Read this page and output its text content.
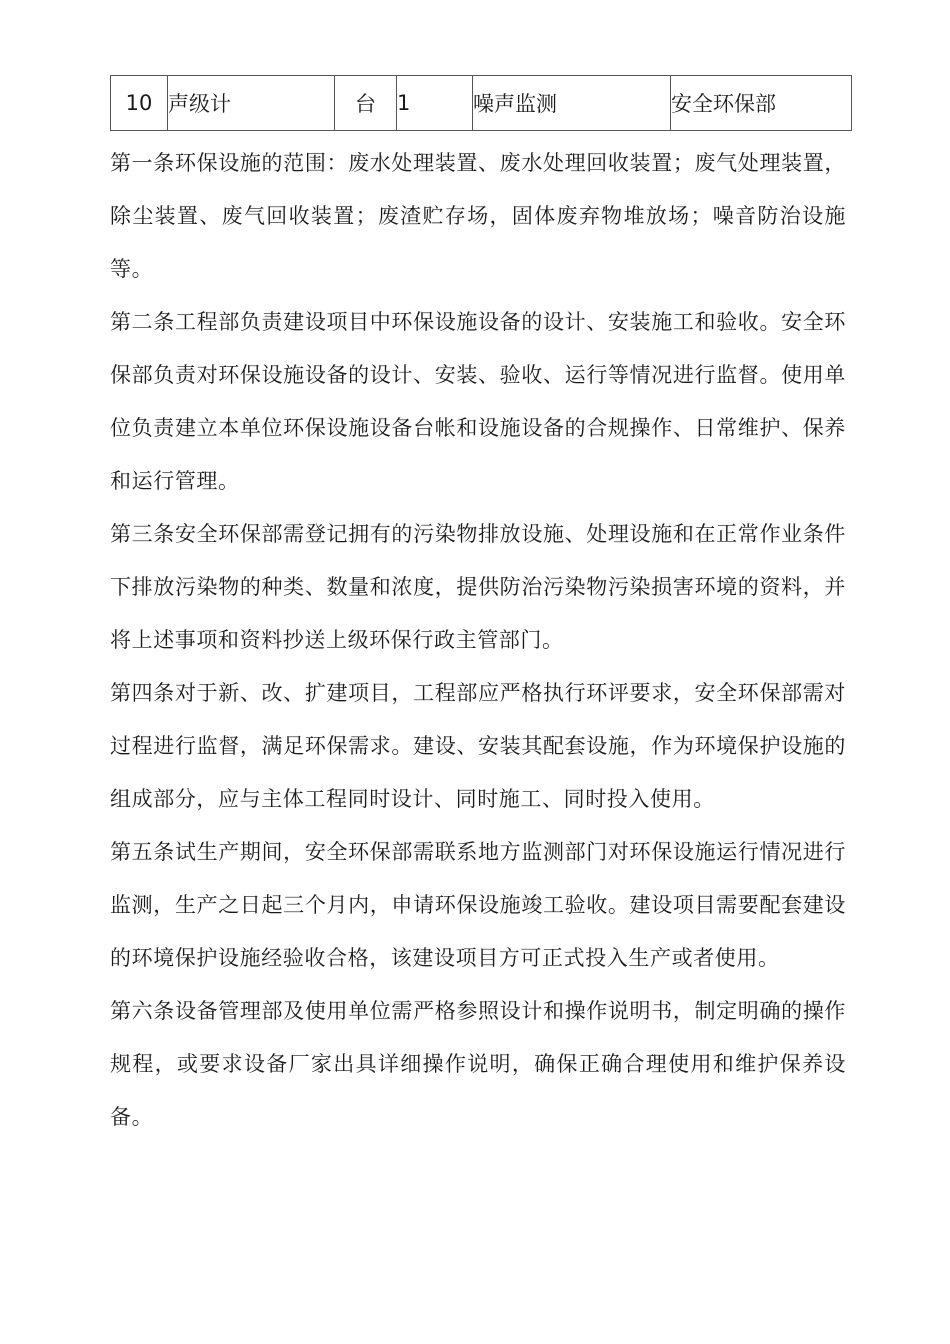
10	声级计	台	1	噪声监测	安全环保部

第一条环保设施的范围：废水处理装置、废水处理回收装置；废气处理装置，除尘装置、废气回收装置；废渣贮存场，固体废弃物堆放场；噪音防治设施等。

第二条工程部负责建设项目中环保设施设备的设计、安装施工和验收。安全环保部负责对环保设施设备的设计、安装、验收、运行等情况进行监督。使用单位负责建立本单位环保设施设备台帐和设施设备的合规操作、日常维护、保养和运行管理。

第三条安全环保部需登记拥有的污染物排放设施、处理设施和在正常作业条件下排放污染物的种类、数量和浓度，提供防治污染物污染损害环境的资料，并将上述事项和资料抄送上级环保行政主管部门。

第四条对于新、改、扩建项目，工程部应严格执行环评要求，安全环保部需对过程进行监督，满足环保需求。建设、安装其配套设施，作为环境保护设施的组成部分，应与主体工程同时设计、同时施工、同时投入使用。

第五条试生产期间，安全环保部需联系地方监测部门对环保设施运行情况进行监测，生产之日起三个月内，申请环保设施竣工验收。建设项目需要配套建设的环境保护设施经验收合格，该建设项目方可正式投入生产或者使用。

第六条设备管理部及使用单位需严格参照设计和操作说明书，制定明确的操作规程，或要求设备厂家出具详细操作说明，确保正确合理使用和维护保养设备。
